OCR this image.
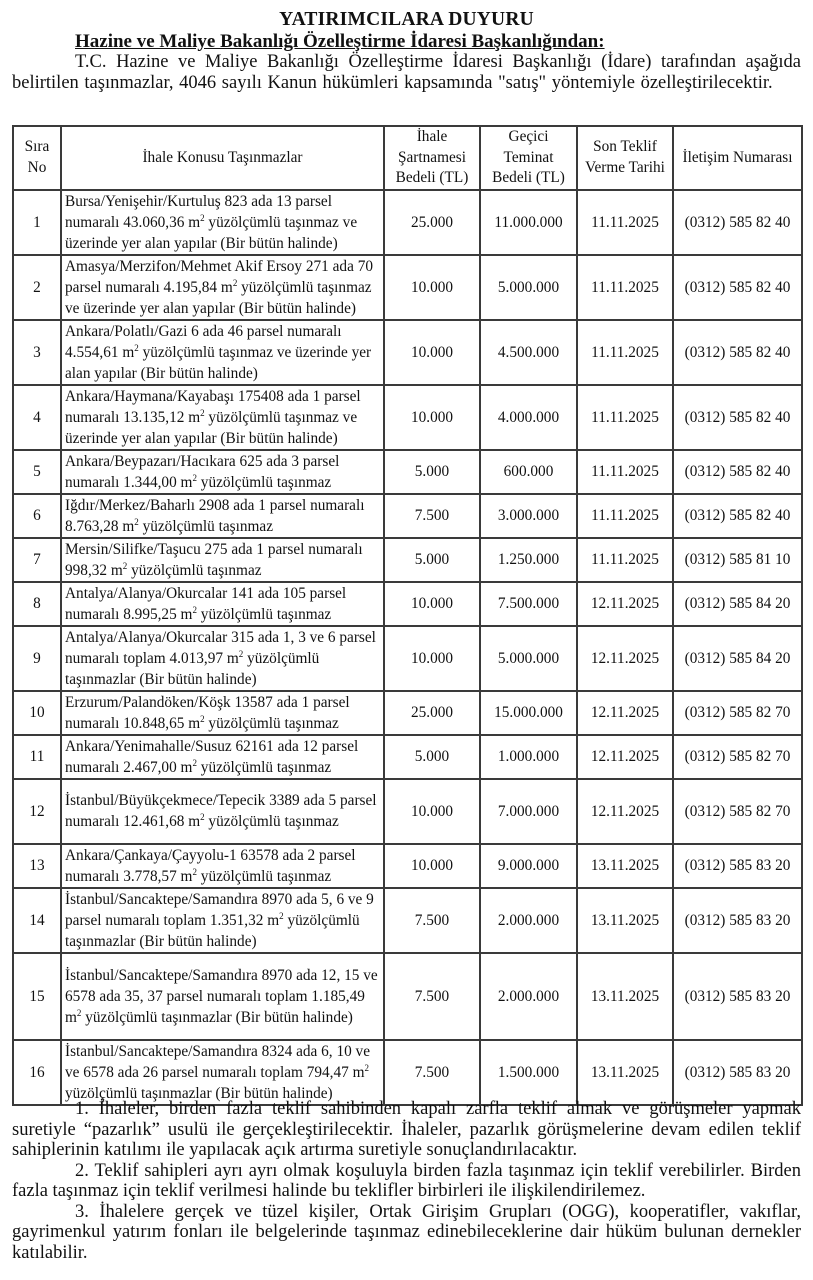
YATIRIMCILARA DUYURU
Hazine ve Maliye Bakanlığı Özelleştirme İdaresi Başkanlığından:

T.C. Hazine ve Maliye Bakanlığı Özelleştirme İdaresi Başkanlığı (İdare) tarafından aşağıda belirtilen taşınmazlar, 4046 sayılı Kanun hükümleri kapsamında "satış" yöntemiyle özelleştirilecektir.

Sıra No	İhale Konusu Taşınmazlar	İhale Şartnamesi Bedeli (TL)	Geçici Teminat Bedeli (TL)	Son Teklif Verme Tarihi	İletişim Numarası
1	Bursa/Yenişehir/Kurtuluş 823 ada 13 parsel numaralı 43.060,36 $m^2$ yüzölçümlü taşınmaz ve üzerinde yer alan yapılar (Bir bütün halinde)	25.000	11.000.000	11.11.2025	(0312) 585 82 40
2	Amasya/Merzifon/Mehmet Akif Ersoy 271 ada 70 parsel numaralı 4.195,84 $m^2$ yüzölçümlü taşınmaz ve üzerinde yer alan yapılar (Bir bütün halinde)	10.000	5.000.000	11.11.2025	(0312) 585 82 40
3	Ankara/Polatlı/Gazi 6 ada 46 parsel numaralı 4.554,61 $m^2$ yüzölçümlü taşınmaz ve üzerinde yer alan yapılar (Bir bütün halinde)	10.000	4.500.000	11.11.2025	(0312) 585 82 40
4	Ankara/Haymana/Kayabaşı 175408 ada 1 parsel numaralı 13.135,12 $m^2$ yüzölçümlü taşınmaz ve üzerinde yer alan yapılar (Bir bütün halinde)	10.000	4.000.000	11.11.2025	(0312) 585 82 40
5	Ankara/Beypazarı/Hacıkara 625 ada 3 parsel numaralı 1.344,00 $m^2$ yüzölçümlü taşınmaz	5.000	600.000	11.11.2025	(0312) 585 82 40
6	Iğdır/Merkez/Baharlı 2908 ada 1 parsel numaralı 8.763,28 $m^2$ yüzölçümlü taşınmaz	7.500	3.000.000	11.11.2025	(0312) 585 82 40
7	Mersin/Silifke/Taşucu 275 ada 1 parsel numaralı 998,32 $m^2$ yüzölçümlü taşınmaz	5.000	1.250.000	11.11.2025	(0312) 585 81 10
8	Antalya/Alanya/Okurcalar 141 ada 105 parsel numaralı 8.995,25 $m^2$ yüzölçümlü taşınmaz	10.000	7.500.000	12.11.2025	(0312) 585 84 20
9	Antalya/Alanya/Okurcalar 315 ada 1, 3 ve 6 parsel numaralı toplam 4.013,97 $m^2$ yüzölçümlü taşınmazlar (Bir bütün halinde)	10.000	5.000.000	12.11.2025	(0312) 585 84 20
10	Erzurum/Palandöken/Köşk 13587 ada 1 parsel numaralı 10.848,65 $m^2$ yüzölçümlü taşınmaz	25.000	15.000.000	12.11.2025	(0312) 585 82 70
11	Ankara/Yenimahalle/Susuz 62161 ada 12 parsel numaralı 2.467,00 $m^2$ yüzölçümlü taşınmaz	5.000	1.000.000	12.11.2025	(0312) 585 82 70
12	İstanbul/Büyükçekmece/Tepecik 3389 ada 5 parsel numaralı 12.461,68 $m^2$ yüzölçümlü taşınmaz	10.000	7.000.000	12.11.2025	(0312) 585 82 70
13	Ankara/Çankaya/Çayyolu-1 63578 ada 2 parsel numaralı 3.778,57 $m^2$ yüzölçümlü taşınmaz	10.000	9.000.000	13.11.2025	(0312) 585 83 20
14	İstanbul/Sancaktepe/Samandıra 8970 ada 5, 6 ve 9 parsel numaralı toplam 1.351,32 $m^2$ yüzölçümlü taşınmazlar (Bir bütün halinde)	7.500	2.000.000	13.11.2025	(0312) 585 83 20
15	İstanbul/Sancaktepe/Samandıra 8970 ada 12, 15 ve 6578 ada 35, 37 parsel numaralı toplam 1.185,49 $m^2$ yüzölçümlü taşınmazlar (Bir bütün halinde)	7.500	2.000.000	13.11.2025	(0312) 585 83 20
16	İstanbul/Sancaktepe/Samandıra 8324 ada 6, 10 ve ve 6578 ada 26 parsel numaralı toplam 794,47 $m^2$ yüzölçümlü taşınmazlar (Bir bütün halinde)	7.500	1.500.000	13.11.2025	(0312) 585 83 20

1. İhaleler, birden fazla teklif sahibinden kapalı zarfla teklif almak ve görüşmeler yapmak suretiyle “pazarlık” usulü ile gerçekleştirilecektir. İhaleler, pazarlık görüşmelerine devam edilen teklif sahiplerinin katılımı ile yapılacak açık artırma suretiyle sonuçlandırılacaktır.

2. Teklif sahipleri ayrı ayrı olmak koşuluyla birden fazla taşınmaz için teklif verebilirler. Birden fazla taşınmaz için teklif verilmesi halinde bu teklifler birbirleri ile ilişkilendirilemez.

3. İhalelere gerçek ve tüzel kişiler, Ortak Girişim Grupları (OGG), kooperatifler, vakıflar, gayrimenkul yatırım fonları ile belgelerinde taşınmaz edinebileceklerine dair hüküm bulunan dernekler katılabilir.
